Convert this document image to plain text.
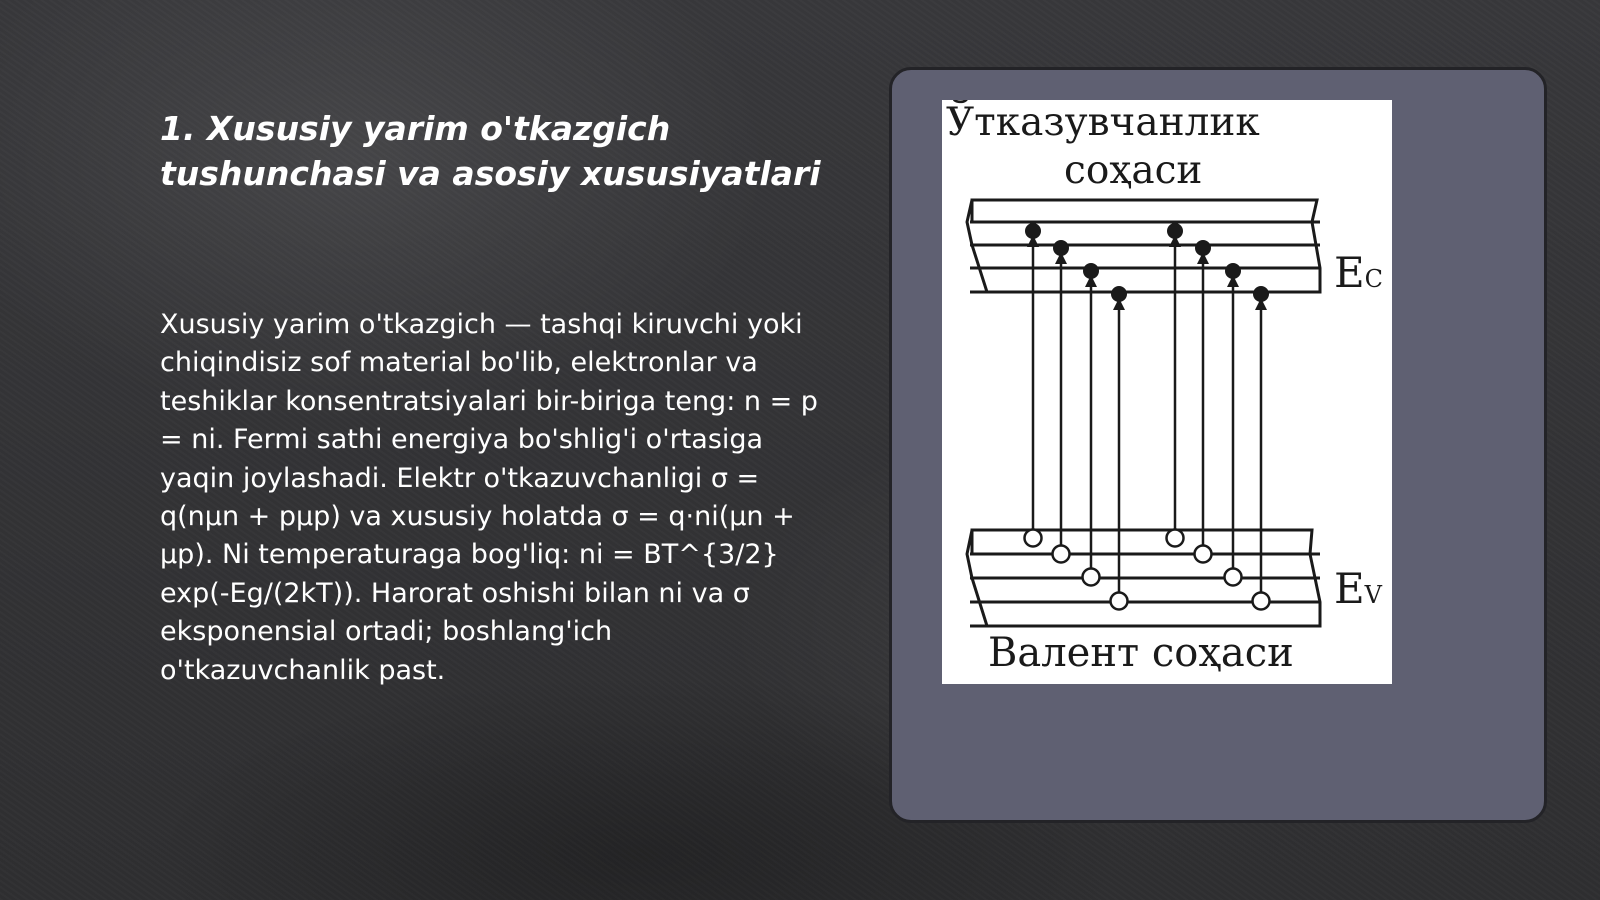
1. Xususiy yarim o'tkazgich tushunchasi va asosiy xususiyatlari

Xususiy yarim o'tkazgich — tashqi kiruvchi yoki chiqindisiz sof material bo'lib, elektronlar va teshiklar konsentratsiyalari bir-biriga teng: n = p = ni. Fermi sathi energiya bo'shlig'i o'rtasiga yaqin joylashadi. Elektr o'tkazuvchanligi σ = q(nμn + pμp) va xususiy holatda σ = q·ni(μn + μp). Ni temperaturaga bog'liq: ni = BT^{3/2} exp(-Eg/(2kT)). Harorat oshishi bilan ni va σ eksponensial ortadi; boshlang'ich o'tkazuvchanlik past.

Ўтказувчанлик
соҳаси
EC
EV
Валент соҳаси
